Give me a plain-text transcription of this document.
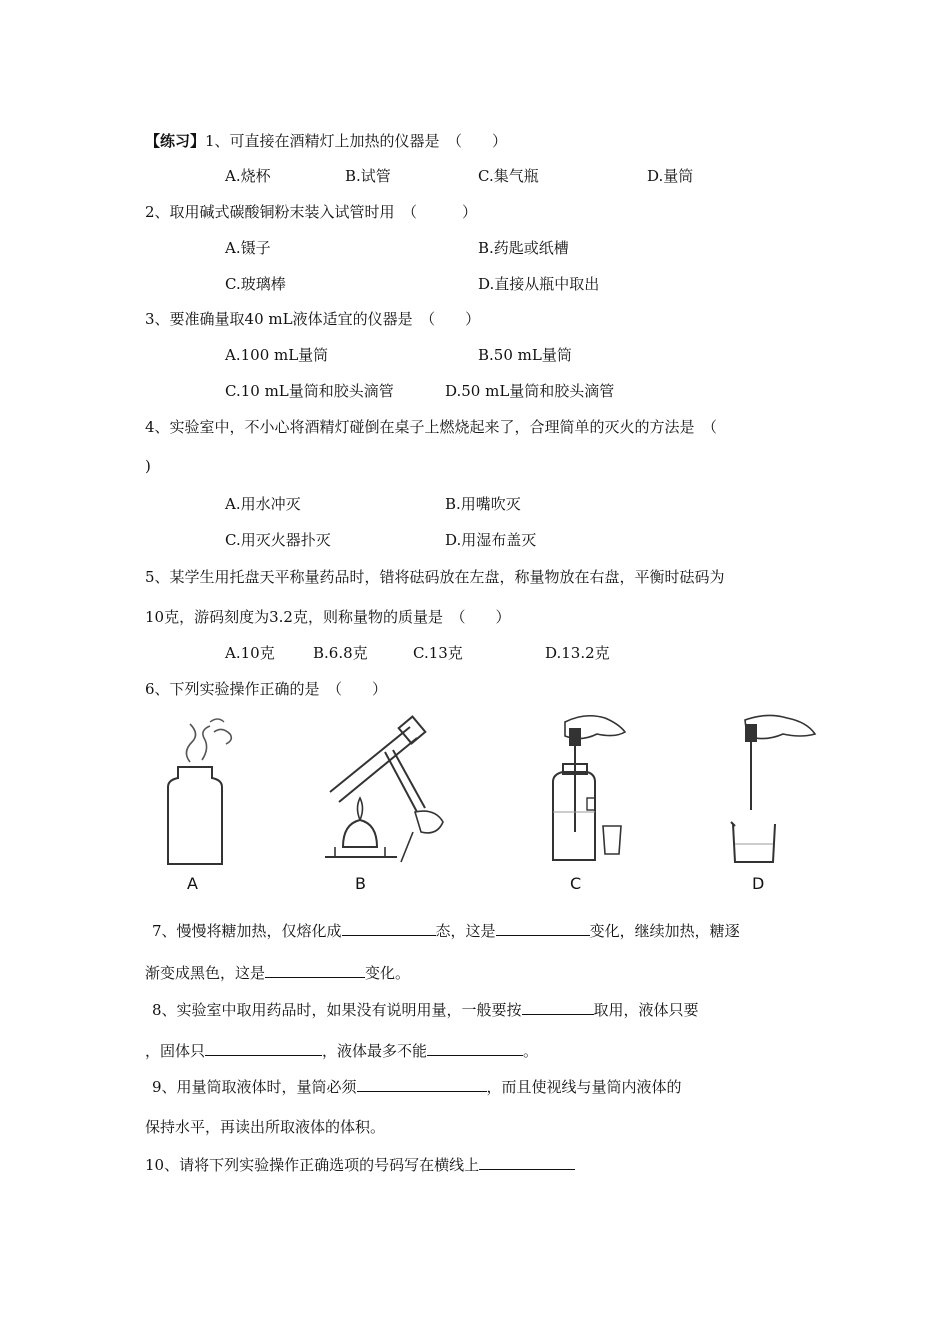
【练习】1、可直接在酒精灯上加热的仪器是　（　　）
A.烧杯	B.试管	C.集气瓶	D.量筒
2、取用碱式碳酸铜粉末装入试管时用　（　　　）
A.镊子	B.药匙或纸槽
C.玻璃棒	D.直接从瓶中取出
3、要准确量取40 mL液体适宜的仪器是　（　　）
A.100 mL量筒	B.50 mL量筒
C.10 mL量筒和胶头滴管	D.50 mL量筒和胶头滴管
4、实验室中，不小心将酒精灯碰倒在桌子上燃烧起来了，合理简单的灭火的方法是　（
)
A.用水冲灭	B.用嘴吹灭
C.用灭火器扑灭	D.用湿布盖灭
5、某学生用托盘天平称量药品时，错将砝码放在左盘，称量物放在右盘，平衡时砝码为
10克，游码刻度为3.2克，则称量物的质量是　（　　）
A.10克	B.6.8克	C.13克	D.13.2克
6、下列实验操作正确的是　（　　）
A	B	C	D
7、慢慢将糖加热，仅熔化成	态，这是	变化，继续加热，糖逐
渐变成黑色，这是	变化。
8、实验室中取用药品时，如果没有说明用量，一般要按	取用，液体只要
，固体只	，液体最多不能	。
9、用量筒取液体时，量筒必须	，而且使视线与量筒内液体的
保持水平，再读出所取液体的体积。
10、请将下列实验操作正确选项的号码写在横线上
